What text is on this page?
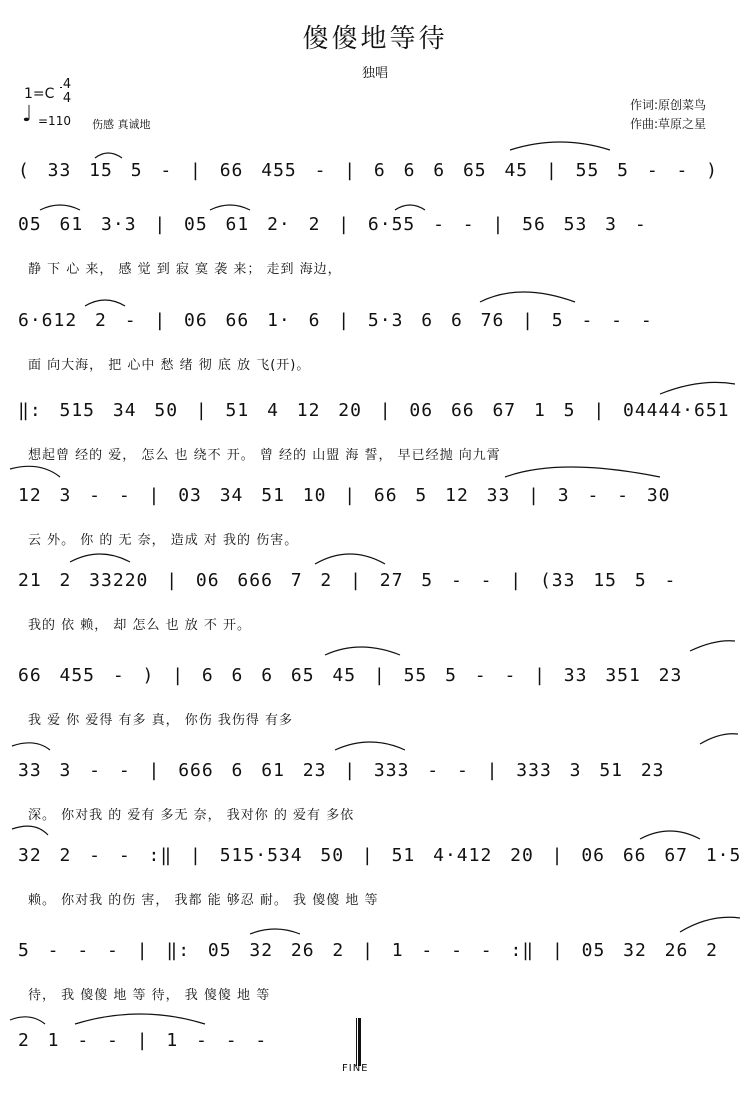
傻傻地等待
独唱
1=C
4
4
♩ =110 伤感 真诚地
作词:原创菜鸟
作曲:草原之星
( 33 15 5 - | 66 455 - | 6 6 6 65 45 | 55 5 - - )
05 61 3·3 | 05 61 2· 2 | 6·55 - - | 56 53 3 -
静 下 心 来， 感 觉 到 寂 寞 袭 来； 走到 海边，
6·612 2 - | 06 66 1· 6 | 5·3 6 6 76 | 5 - - -
面 向大海， 把 心中 愁 绪 彻 底 放 飞(开)。
‖: 515 34 50 | 51 4 12 20 | 06 66 67 1 5 | 04444·651
想起曾 经的 爱， 怎么 也 绕不 开。 曾 经的 山盟 海 誓， 早已经抛 向九霄
12 3 - - | 03 34 51 10 | 66 5 12 33 | 3 - - 30
云 外。 你 的 无 奈， 造成 对 我的 伤害。
21 2 33220 | 06 666 7 2 | 27 5 - - | (33 15 5 -
我的 依 赖， 却 怎么 也 放 不 开。
66 455 - ) | 6 6 6 65 45 | 55 5 - - | 33 351 23
我 爱 你 爱得 有多 真， 你伤 我伤得 有多
33 3 - - | 666 6 61 23 | 333 - - | 333 3 51 23
深。 你对我 的 爱有 多无 奈， 我对你 的 爱有 多依
32 2 - - :‖ | 515·534 50 | 51 4·412 20 | 06 66 67 1·5
赖。 你对我 的伤 害， 我都 能 够忍 耐。 我 傻傻 地 等
5 - - - | ‖: 05 32 26 2 | 1 - - - :‖ | 05 32 26 2
待， 我 傻傻 地 等 待， 我 傻傻 地 等
2 1 - - | 1 - - -
FINE
